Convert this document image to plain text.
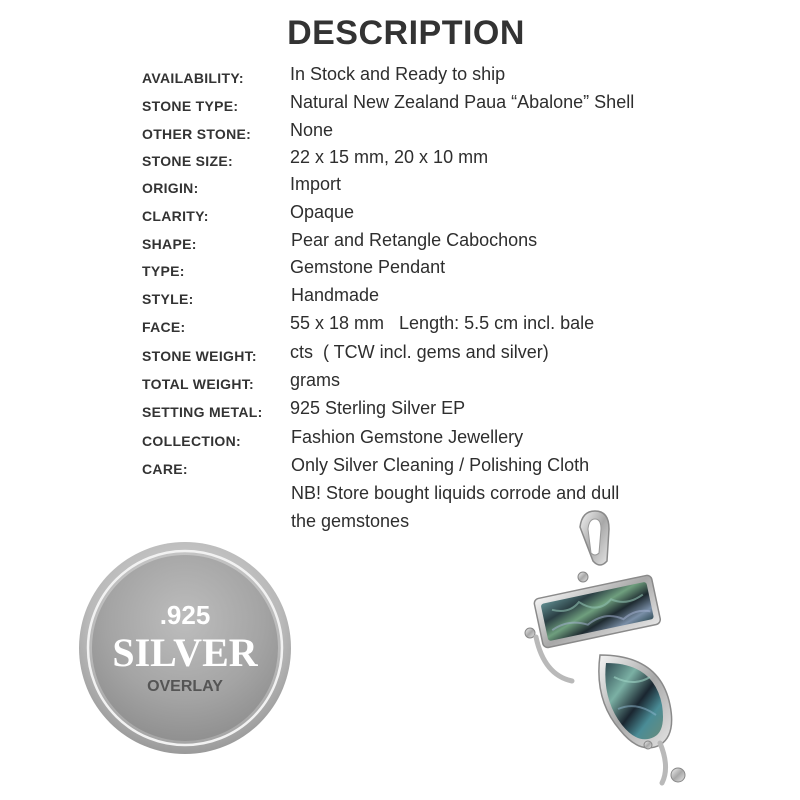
DESCRIPTION
AVAILABILITY:	In Stock and Ready to ship
STONE TYPE:	Natural New Zealand Paua “Abalone” Shell
OTHER STONE: None
STONE SIZE:	22 x 15 mm, 20 x 10 mm
ORIGIN:	Import
CLARITY:	Opaque
SHAPE:	Pear and Retangle Cabochons
TYPE:	Gemstone Pendant
STYLE:	Handmade
FACE:	55 x 18 mm   Length: 5.5 cm incl. bale
STONE WEIGHT: cts  ( TCW incl. gems and silver)
TOTAL WEIGHT: grams
SETTING METAL: 925 Sterling Silver EP
COLLECTION:	Fashion Gemstone Jewellery
CARE:	Only Silver Cleaning / Polishing Cloth
NB! Store bought liquids corrode and dull
the gemstones
.925
SILVER
OVERLAY
